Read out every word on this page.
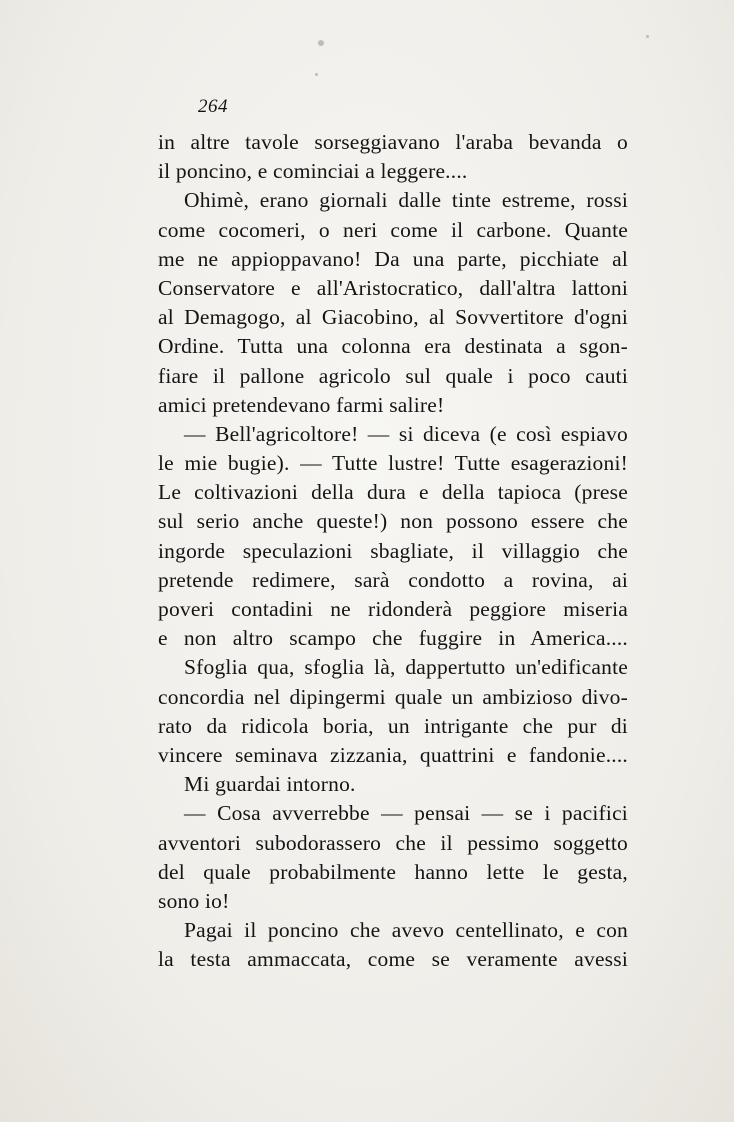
264
in altre tavole sorseggiavano l'araba bevanda o
il poncino, e cominciai a leggere....
Ohimè, erano giornali dalle tinte estreme, rossi
come cocomeri, o neri come il carbone. Quante
me ne appioppavano! Da una parte, picchiate al
Conservatore e all'Aristocratico, dall'altra lattoni
al Demagogo, al Giacobino, al Sovvertitore d'ogni
Ordine. Tutta una colonna era destinata a sgon-
fiare il pallone agricolo sul quale i poco cauti
amici pretendevano farmi salire!
— Bell'agricoltore! — si diceva (e così espiavo
le mie bugie). — Tutte lustre! Tutte esagerazioni!
Le coltivazioni della dura e della tapioca (prese
sul serio anche queste!) non possono essere che
ingorde speculazioni sbagliate, il villaggio che
pretende redimere, sarà condotto a rovina, ai
poveri contadini ne ridonderà peggiore miseria
e non altro scampo che fuggire in America....
Sfoglia qua, sfoglia là, dappertutto un'edificante
concordia nel dipingermi quale un ambizioso divo-
rato da ridicola boria, un intrigante che pur di
vincere seminava zizzania, quattrini e fandonie....
Mi guardai intorno.
— Cosa avverrebbe — pensai — se i pacifici
avventori subodorassero che il pessimo soggetto
del quale probabilmente hanno lette le gesta,
sono io!
Pagai il poncino che avevo centellinato, e con
la testa ammaccata, come se veramente avessi
